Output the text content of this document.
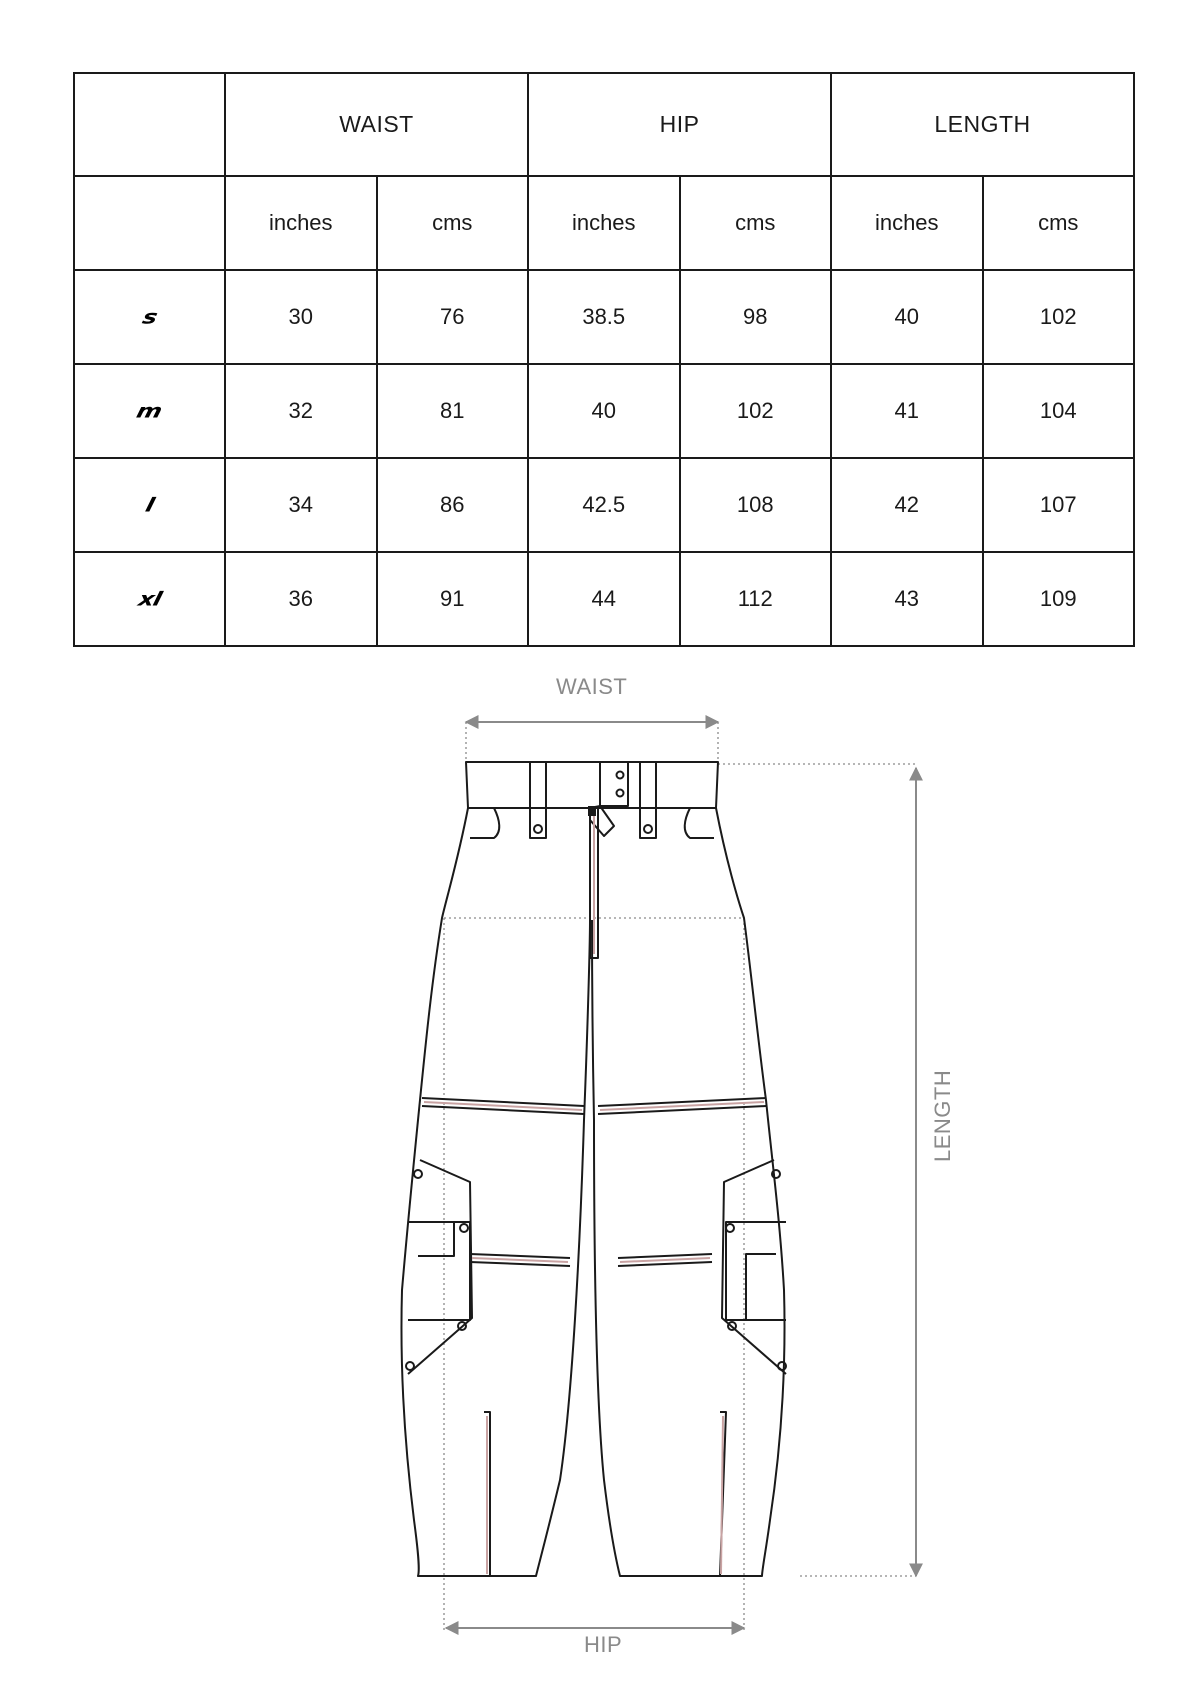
	WAIST		HIP		LENGTH	
	inches	cms	inches	cms	inches	cms
s	30	76	38.5	98	40	102
m	32	81	40	102	41	104
l	34	86	42.5	108	42	107
xl	36	91	44	112	43	109
WAIST
HIP
LENGTH
